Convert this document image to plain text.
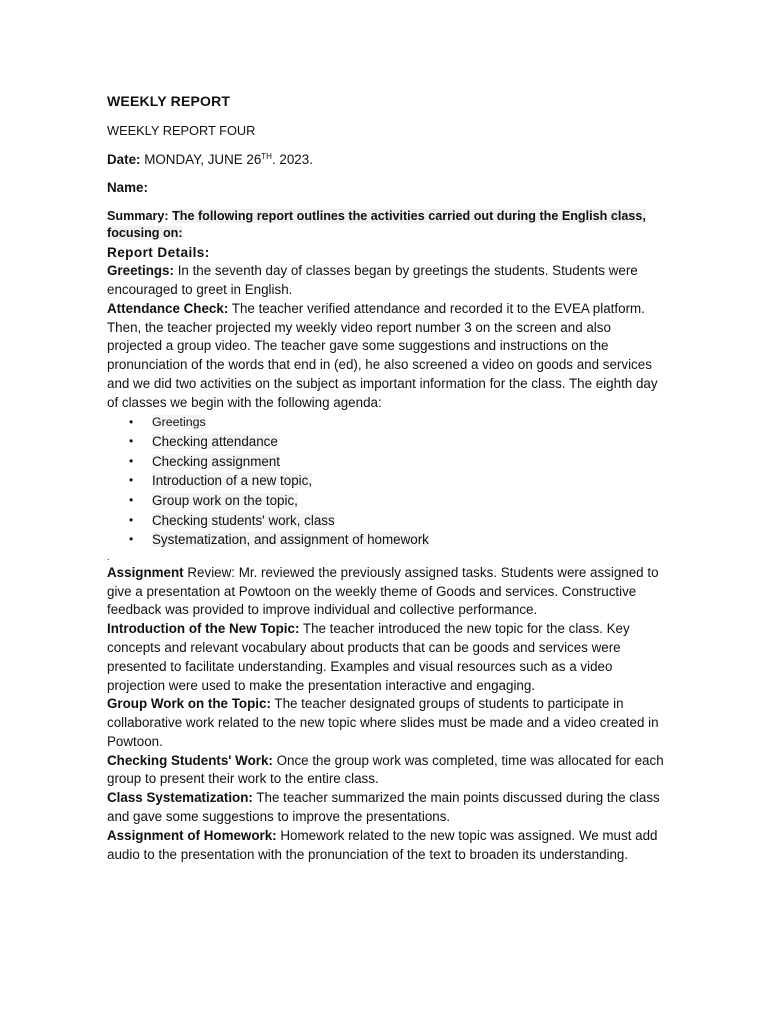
WEEKLY REPORT

WEEKLY REPORT FOUR

Date: MONDAY, JUNE 26TH. 2023.

Name:

Summary: The following report outlines the activities carried out during the English class, focusing on:

Report Details:

Greetings: In the seventh day of classes began by greetings the students. Students were encouraged to greet in English.

Attendance Check: The teacher verified attendance and recorded it to the EVEA platform. Then, the teacher projected my weekly video report number 3 on the screen and also projected a group video. The teacher gave some suggestions and instructions on the pronunciation of the words that end in (ed), he also screened a video on goods and services and we did two activities on the subject as important information for the class. The eighth day of classes we begin with the following agenda:

• Greetings
• Checking attendance
• Checking assignment
• Introduction of a new topic,
• Group work on the topic,
• Checking students' work, class
• Systematization, and assignment of homework

.

Assignment Review: Mr. reviewed the previously assigned tasks. Students were assigned to give a presentation at Powtoon on the weekly theme of Goods and services. Constructive feedback was provided to improve individual and collective performance.

Introduction of the New Topic: The teacher introduced the new topic for the class. Key concepts and relevant vocabulary about products that can be goods and services were presented to facilitate understanding. Examples and visual resources such as a video projection were used to make the presentation interactive and engaging.

Group Work on the Topic: The teacher designated groups of students to participate in collaborative work related to the new topic where slides must be made and a video created in Powtoon.

Checking Students' Work: Once the group work was completed, time was allocated for each group to present their work to the entire class.

Class Systematization: The teacher summarized the main points discussed during the class and gave some suggestions to improve the presentations.

Assignment of Homework: Homework related to the new topic was assigned. We must add audio to the presentation with the pronunciation of the text to broaden its understanding.
